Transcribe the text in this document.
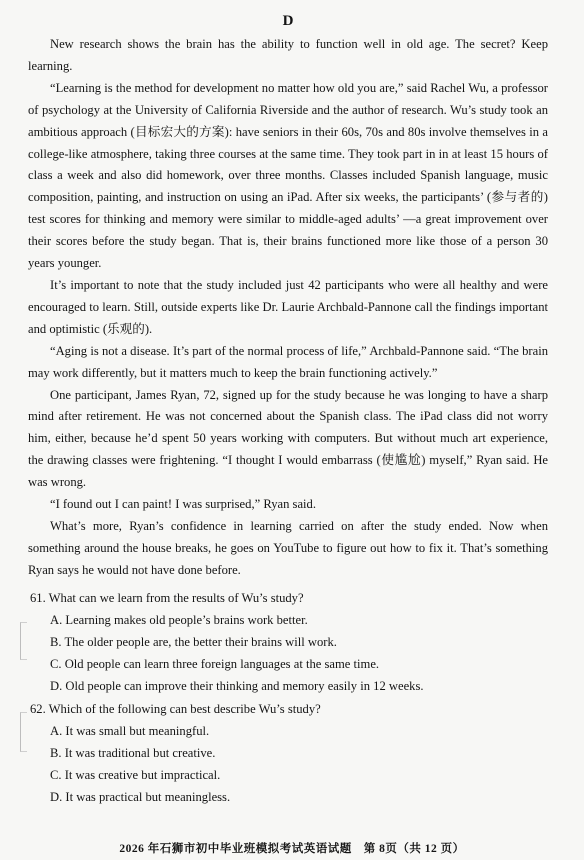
D

New research shows the brain has the ability to function well in old age. The secret? Keep learning.

“Learning is the method for development no matter how old you are,” said Rachel Wu, a professor of psychology at the University of California Riverside and the author of research. Wu’s study took an ambitious approach (目标宏大的方案): have seniors in their 60s, 70s and 80s involve themselves in a college-like atmosphere, taking three courses at the same time. They took part in in at least 15 hours of class a week and also did homework, over three months. Classes included Spanish language, music composition, painting, and instruction on using an iPad. After six weeks, the participants’ (参与者的) test scores for thinking and memory were similar to middle-aged adults’ —a great improvement over their scores before the study began. That is, their brains functioned more like those of a person 30 years younger.

It’s important to note that the study included just 42 participants who were all healthy and were encouraged to learn. Still, outside experts like Dr. Laurie Archbald-Pannone call the findings important and optimistic (乐观的).

“Aging is not a disease. It’s part of the normal process of life,” Archbald-Pannone said. “The brain may work differently, but it matters much to keep the brain functioning actively.”

One participant, James Ryan, 72, signed up for the study because he was longing to have a sharp mind after retirement. He was not concerned about the Spanish class. The iPad class did not worry him, either, because he’d spent 50 years working with computers. But without much art experience, the drawing classes were frightening. “I thought I would embarrass (使尴尬) myself,” Ryan said. He was wrong.

“I found out I can paint! I was surprised,” Ryan said.

What’s more, Ryan’s confidence in learning carried on after the study ended. Now when something around the house breaks, he goes on YouTube to figure out how to fix it. That’s something Ryan says he would not have done before.

61. What can we learn from the results of Wu’s study?
A. Learning makes old people’s brains work better.
B. The older people are, the better their brains will work.
C. Old people can learn three foreign languages at the same time.
D. Old people can improve their thinking and memory easily in 12 weeks.
62. Which of the following can best describe Wu’s study?
A. It was small but meaningful.
B. It was traditional but creative.
C. It was creative but impractical.
D. It was practical but meaningless.
2026 年石狮市初中毕业班模拟考试英语试题　第 8页（共 12 页）
